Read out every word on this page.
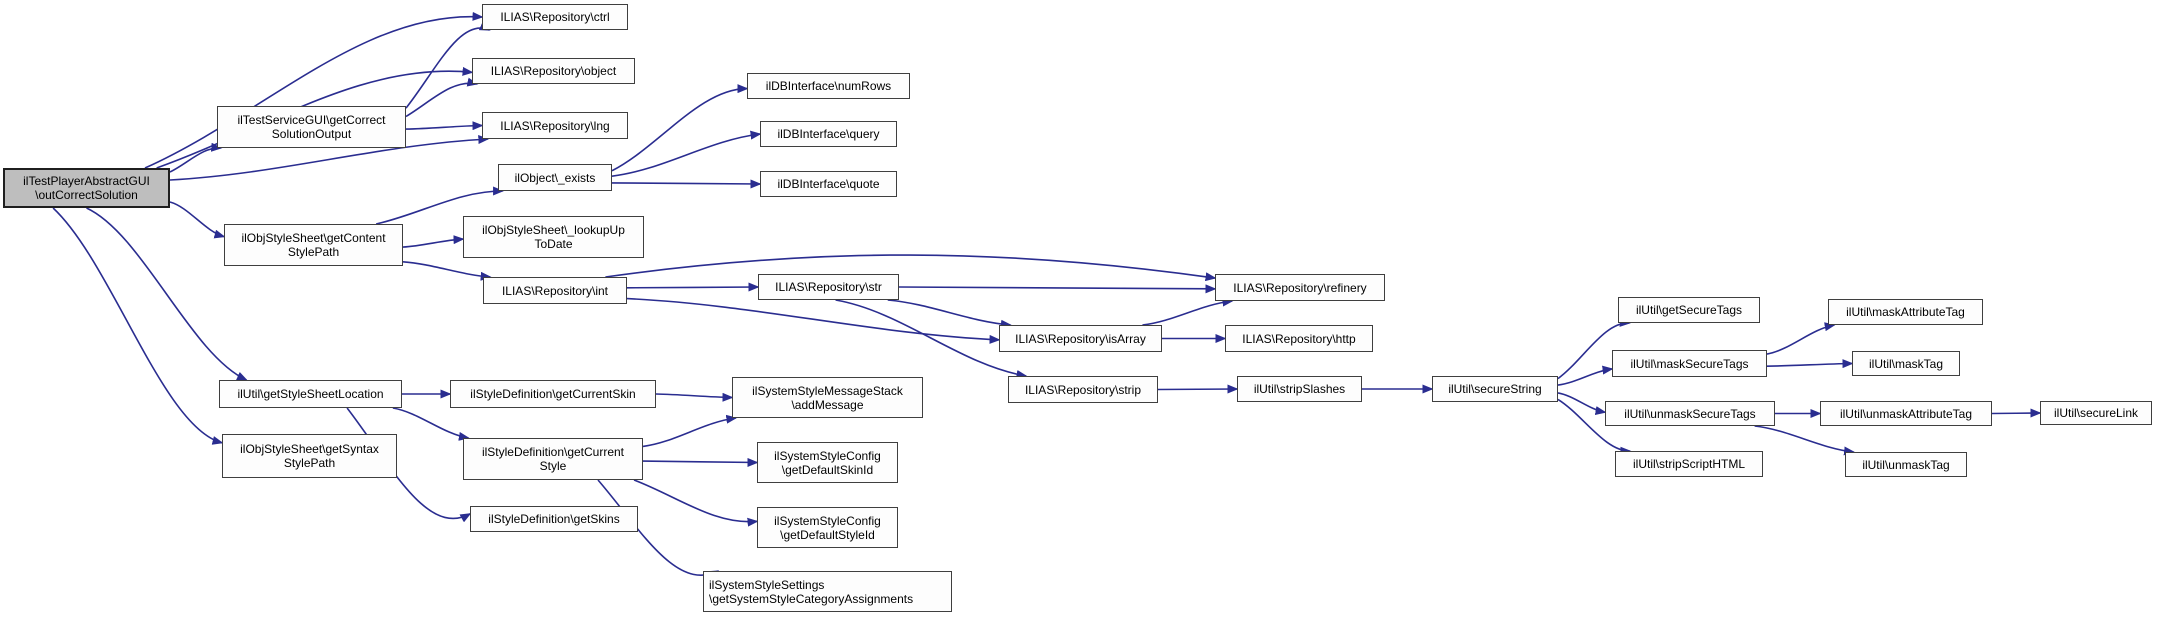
ilTestPlayerAbstractGUI
\outCorrectSolution
ilTestServiceGUI\getCorrect
SolutionOutput
ILIAS\Repository\ctrl
ILIAS\Repository\object
ILIAS\Repository\lng
ilObject\_exists
ilDBInterface\numRows
ilDBInterface\query
ilDBInterface\quote
ilObjStyleSheet\getContent
StylePath
ilObjStyleSheet\_lookupUp
ToDate
ILIAS\Repository\int	ILIAS\Repository\str	ILIAS\Repository\refinery
ILIAS\Repository\isArray	ILIAS\Repository\http
ILIAS\Repository\strip	ilUtil\stripSlashes	ilUtil\secureString
ilUtil\getSecureTags
ilUtil\maskSecureTags
ilUtil\maskAttributeTag
ilUtil\maskTag
ilUtil\unmaskSecureTags	ilUtil\unmaskAttributeTag	ilUtil\secureLink
ilUtil\stripScriptHTML	ilUtil\unmaskTag
ilUtil\getStyleSheetLocation
ilObjStyleSheet\getSyntax
StylePath
ilStyleDefinition\getCurrentSkin
ilStyleDefinition\getCurrent
Style
ilStyleDefinition\getSkins
ilSystemStyleMessageStack
\addMessage
ilSystemStyleConfig
\getDefaultSkinId
ilSystemStyleConfig
\getDefaultStyleId
ilSystemStyleSettings
\getSystemStyleCategoryAssignments
